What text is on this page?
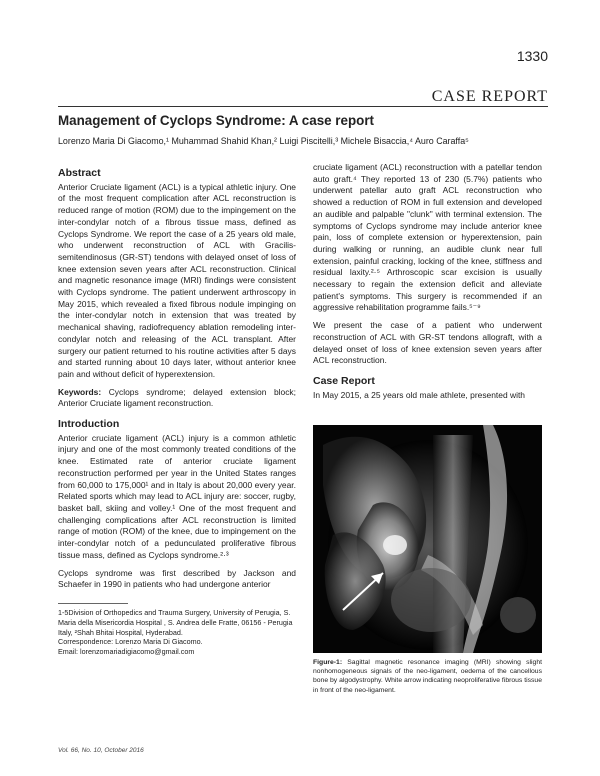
1330
CASE REPORT
Management of Cyclops Syndrome: A case report
Lorenzo Maria Di Giacomo,¹ Muhammad Shahid Khan,² Luigi Piscitelli,³ Michele Bisaccia,⁴ Auro Caraffa⁵
Abstract

Anterior Cruciate ligament (ACL) is a typical athletic injury. One of the most frequent complication after ACL reconstruction is reduced range of motion (ROM) due to the impingement on the inter-condylar notch of a fibrous tissue mass, defined as Cyclops Syndrome. We report the case of a 25 years old male, who underwent reconstruction of ACL with Gracilis-semitendinosus (GR-ST) tendons with delayed onset of loss of knee extension seven years after ACL reconstruction. Clinical and magnetic resonance image (MRI) findings were consistent with Cyclops syndrome. The patient underwent arthroscopy in May 2015, which revealed a fixed fibrous nodule impinging on the inter-condylar notch in extension that was treated by mechanical shaving, radiofrequency ablation remodeling inter-condylar notch and releasing of the ACL transplant. After surgery our patient returned to his routine activities after 5 days and started running about 10 days later, without anterior knee pain and without deficit of hyperextension.

Keywords: Cyclops syndrome; delayed extension block; Anterior Cruciate ligament reconstruction.

Introduction

Anterior cruciate ligament (ACL) injury is a common athletic injury and one of the most commonly treated conditions of the knee. Estimated rate of anterior cruciate ligament reconstruction performed per year in the United States ranges from 60,000 to 175,000¹ and in Italy is about 20,000 every year. Related sports which may lead to ACL injury are: soccer, rugby, basket ball, skiing and volley.¹ One of the most frequent and challenging complications after ACL reconstruction is limited range of motion (ROM) of the knee, due to impingement on the inter-condylar notch of a pedunculated proliferative fibrous tissue mass, defined as Cyclops syndrome.²·³

Cyclops syndrome was first described by Jackson and Schaefer in 1990 in patients who had undergone anterior

1-5Division of Orthopedics and Trauma Surgery, University of Perugia, S. Maria della Misericordia Hospital , S. Andrea delle Fratte, 06156 - Perugia Italy, ²Shah Bhitai Hospital, Hyderabad.
Correspondence: Lorenzo Maria Di Giacomo.
Email: lorenzomariadigiacomo@gmail.com
Vol. 66, No. 10, October 2016

cruciate ligament (ACL) reconstruction with a patellar tendon auto graft.⁴ They reported 13 of 230 (5.7%) patients who underwent patellar auto graft ACL reconstruction who showed a reduction of ROM in full extension and developed an audible and palpable "clunk" with terminal extension. The symptoms of Cyclops syndrome may include anterior knee pain, loss of complete extension or hyperextension, pain during walking or running, an audible clunk near full extension, painful cracking, locking of the knee, stiffness and residual laxity.²·⁵ Arthroscopic scar excision is usually necessary to regain the extension deficit and alleviate patient's symptoms. This surgery is recommended if an aggressive rehabilitation programme fails.⁵⁻⁹

We present the case of a patient who underwent reconstruction of ACL with GR-ST tendons allograft, with a delayed onset of loss of knee extension seven years after ACL reconstruction.

Case Report

In May 2015, a 25 years old male athlete, presented with

Figure-1: Sagittal magnetic resonance imaging (MRI) showing slight nonhomogeneous signals of the neo-ligament, oedema of the cancellous bone by algodystrophy. White arrow indicating neoproliferative fibrous tissue in front of the neo-ligament.
